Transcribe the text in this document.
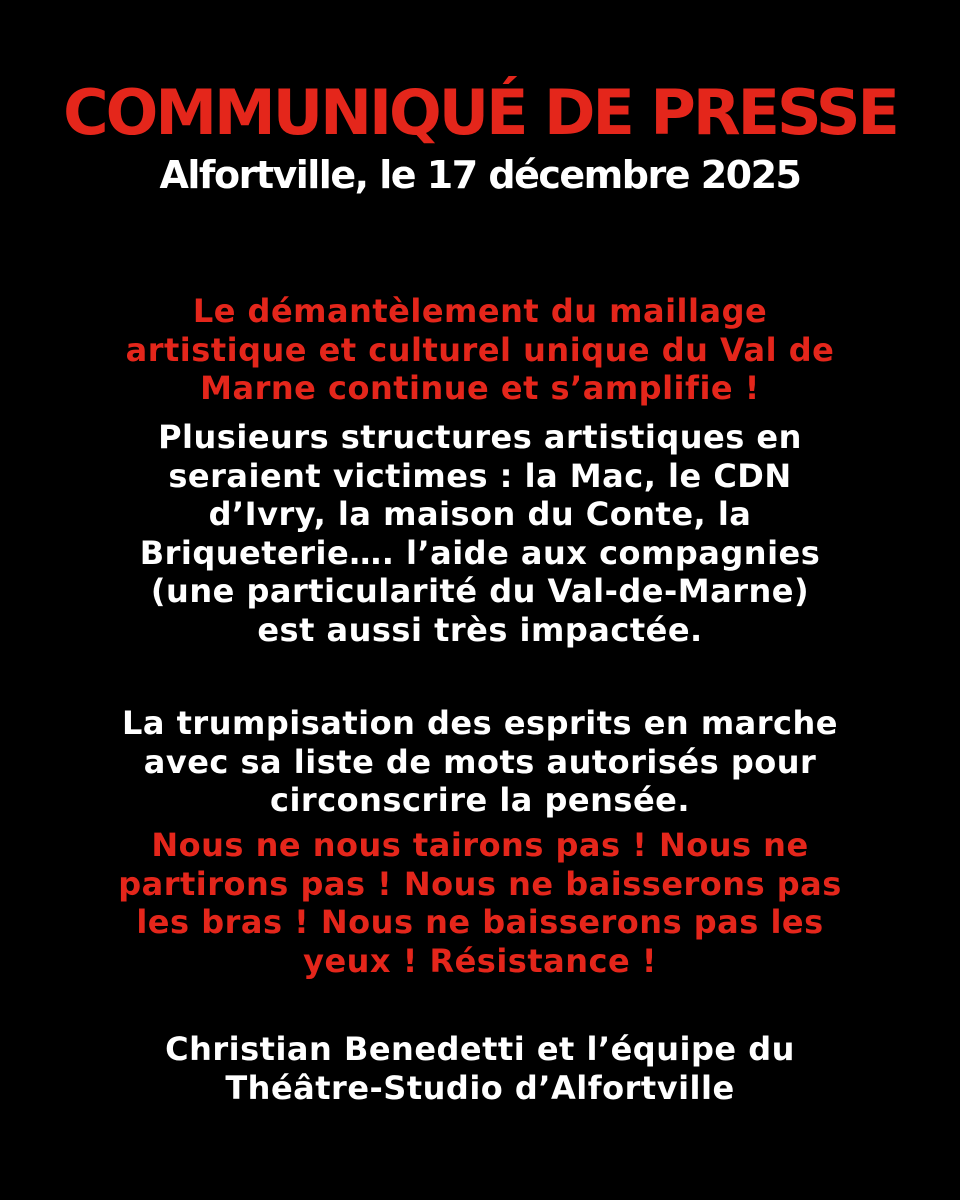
COMMUNIQUÉ DE PRESSE
Alfortville, le 17 décembre 2025
Le démantèlement du maillage
artistique et culturel unique du Val de
Marne continue et s’amplifie !
Plusieurs structures artistiques en
seraient victimes : la Mac, le CDN
d’Ivry, la maison du Conte, la
Briqueterie…. l’aide aux compagnies
(une particularité du Val-de-Marne)
est aussi très impactée.
La trumpisation des esprits en marche
avec sa liste de mots autorisés pour
circonscrire la pensée.
Nous ne nous tairons pas ! Nous ne
partirons pas ! Nous ne baisserons pas
les bras ! Nous ne baisserons pas les
yeux ! Résistance !
Christian Benedetti et l’équipe du
Théâtre-Studio d’Alfortville
